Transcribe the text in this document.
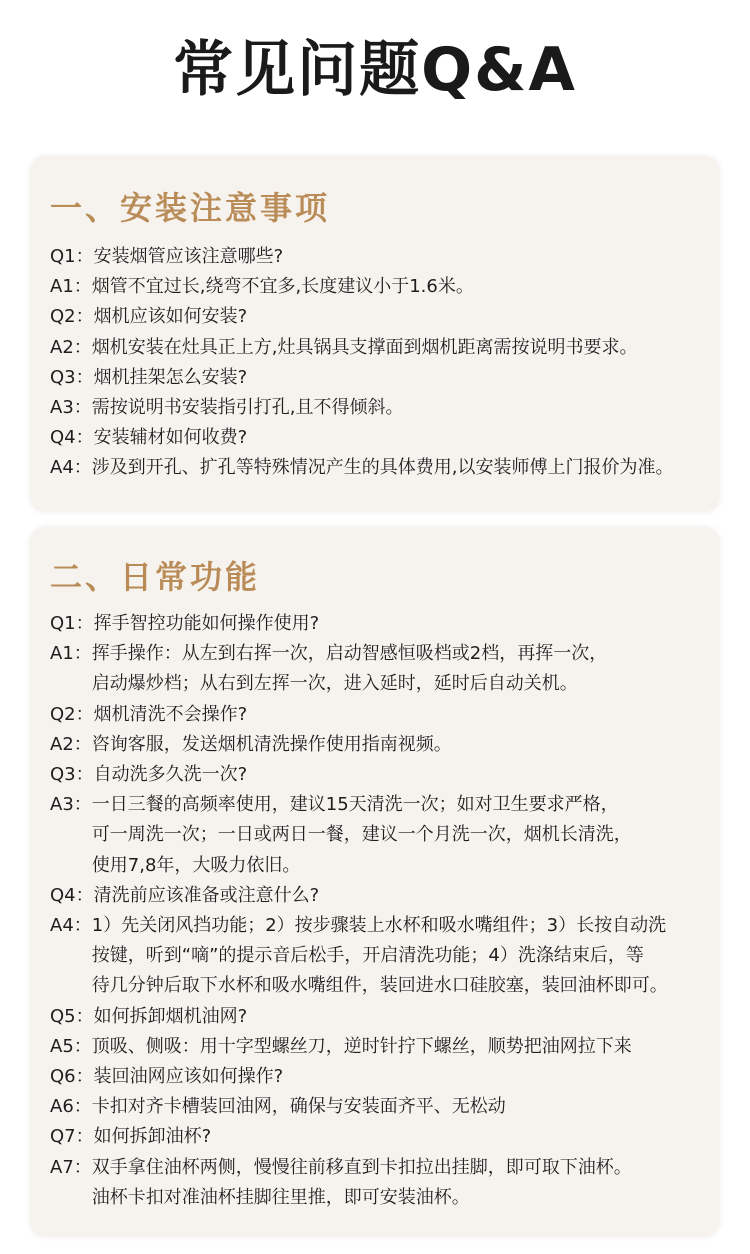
常见问题Q&A
一、安装注意事项
Q1 ：	安装烟管应该注意哪些?
A1 ：	烟管不宜过长,绕弯不宜多,长度建议小于1.6米。
Q2 ：	烟机应该如何安装?
A2 ：	烟机安装在灶具正上方,灶具锅具支撑面到烟机距离需按说明书要求。
Q3 ：	烟机挂架怎么安装?
A3 ：	需按说明书安装指引打孔,且不得倾斜。
Q4 ：	安装辅材如何收费?
A4 ：	涉及到开孔、扩孔等特殊情况产生的具体费用,以安装师傅上门报价为准。
二、日常功能
Q1 ：	挥手智控功能如何操作使用?
A1 ：	挥手操作：从左到右挥一次，启动智感恒吸档或2档，再挥一次，
启动爆炒档；从右到左挥一次，进入延时，延时后自动关机。
Q2 ：	烟机清洗不会操作?
A2 ：	咨询客服，发送烟机清洗操作使用指南视频。
Q3 ：	自动洗多久洗一次?
A3 ：	一日三餐的高频率使用，建议15天清洗一次；如对卫生要求严格，
可一周洗一次；一日或两日一餐，建议一个月洗一次，烟机长清洗，
使用7,8年，大吸力依旧。
Q4 ：	清洗前应该准备或注意什么?
A4 ：	1）先关闭风挡功能；2）按步骤装上水杯和吸水嘴组件；3）长按自动洗
按键，听到“嘀”的提示音后松手，开启清洗功能；4）洗涤结束后，等
待几分钟后取下水杯和吸水嘴组件，装回进水口硅胶塞，装回油杯即可。
Q5 ：	如何拆卸烟机油网?
A5 ：	顶吸、侧吸：用十字型螺丝刀，逆时针拧下螺丝，顺势把油网拉下来
Q6 ：	装回油网应该如何操作?
A6 ：	卡扣对齐卡槽装回油网，确保与安装面齐平、无松动
Q7 ：	如何拆卸油杯?
A7 ：	双手拿住油杯两侧，慢慢往前移直到卡扣拉出挂脚，即可取下油杯。
油杯卡扣对准油杯挂脚往里推，即可安装油杯。
